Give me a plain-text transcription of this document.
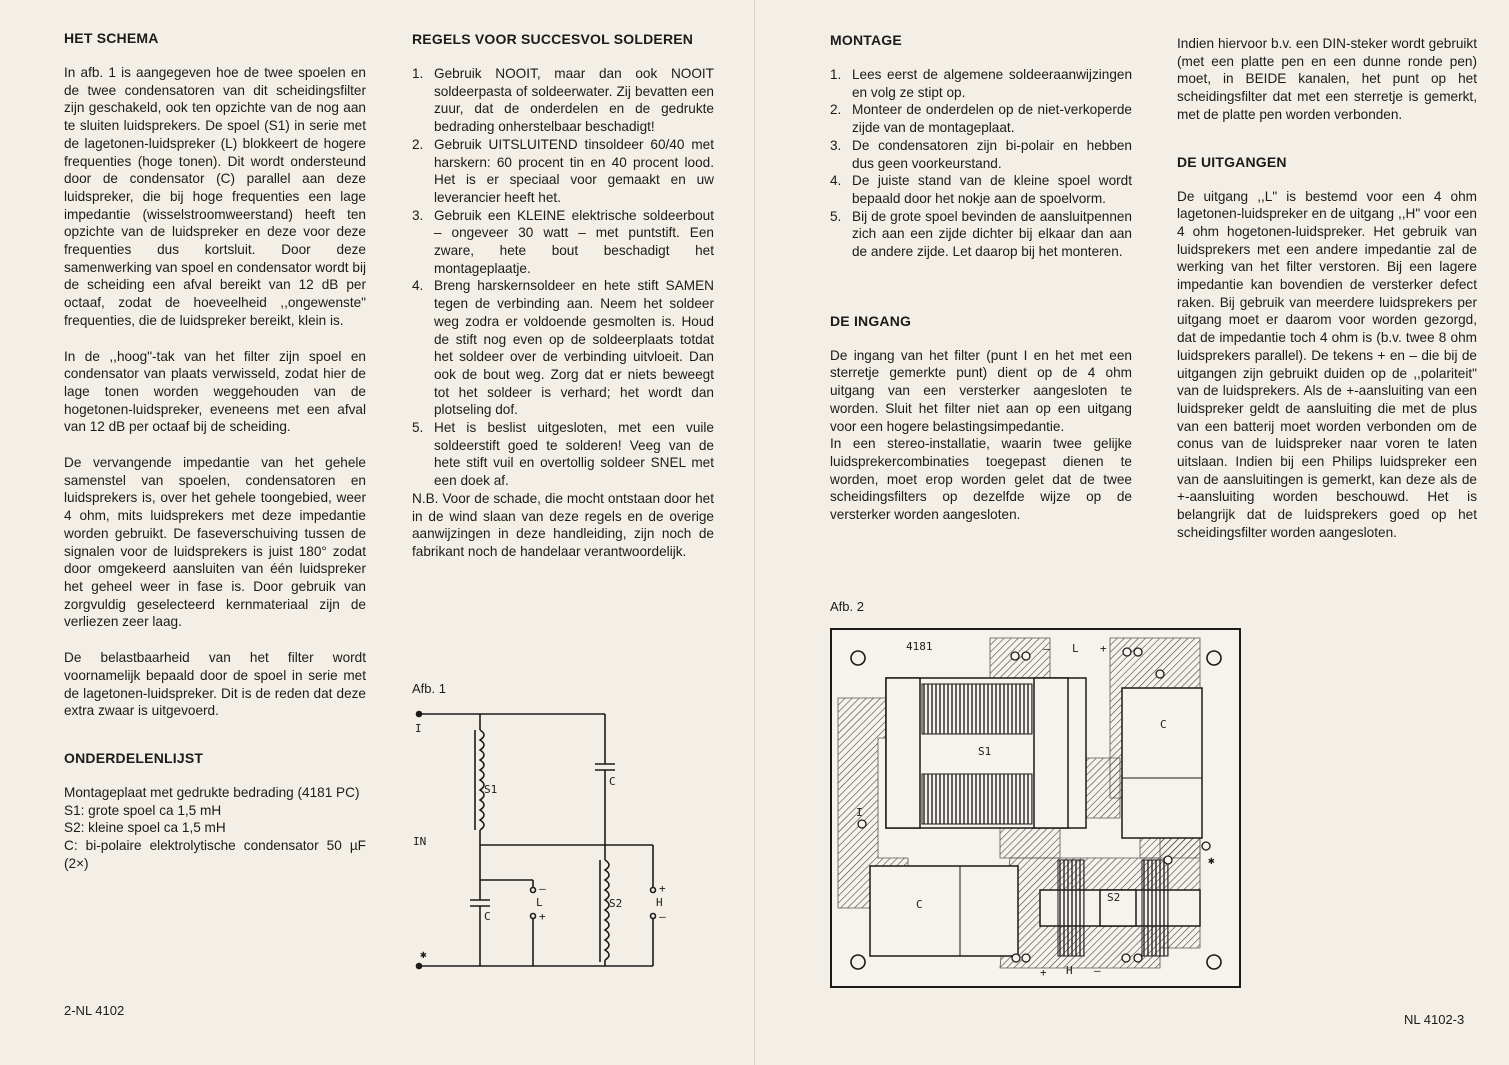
HET SCHEMA

In afb. 1 is aangegeven hoe de twee spoelen en de twee condensatoren van dit scheidingsfilter zijn geschakeld, ook ten opzichte van de nog aan te sluiten luidsprekers. De spoel (S1) in serie met de lagetonen-luidspreker (L) blokkeert de hogere frequenties (hoge tonen). Dit wordt ondersteund door de condensator (C) parallel aan deze luidspreker, die bij hoge frequenties een lage impedantie (wisselstroomweerstand) heeft ten opzichte van de luidspreker en deze voor deze frequenties dus kortsluit. Door deze samenwerking van spoel en condensator wordt bij de scheiding een afval bereikt van 12 dB per octaaf, zodat de hoeveelheid ,,ongewenste" frequenties, die de luidspreker bereikt, klein is.

In de ,,hoog"-tak van het filter zijn spoel en condensator van plaats verwisseld, zodat hier de lage tonen worden weggehouden van de hogetonen-luidspreker, eveneens met een afval van 12 dB per octaaf bij de scheiding.

De vervangende impedantie van het gehele samenstel van spoelen, condensatoren en luidsprekers is, over het gehele toongebied, weer 4 ohm, mits luidsprekers met deze impedantie worden gebruikt. De faseverschuiving tussen de signalen voor de luidsprekers is juist 180° zodat door omgekeerd aansluiten van één luidspreker het geheel weer in fase is. Door gebruik van zorgvuldig geselecteerd kernmateriaal zijn de verliezen zeer laag.

De belastbaarheid van het filter wordt voornamelijk bepaald door de spoel in serie met de lagetonen-luidspreker. Dit is de reden dat deze extra zwaar is uitgevoerd.

ONDERDELENLIJST
Montageplaat met gedrukte bedrading (4181 PC)
S1: grote spoel ca 1,5 mH
S2: kleine spoel ca 1,5 mH
C: bi-polaire elektrolytische condensator 50 µF (2×)
2-NL 4102
REGELS VOOR SUCCESVOL SOLDEREN
1. Gebruik NOOIT, maar dan ook NOOIT soldeerpasta of soldeerwater. Zij bevatten een zuur, dat de onderdelen en de gedrukte bedrading onherstelbaar beschadigt!
2. Gebruik UITSLUITEND tinsoldeer 60/40 met harskern: 60 procent tin en 40 procent lood. Het is er speciaal voor gemaakt en uw leverancier heeft het.
3. Gebruik een KLEINE elektrische soldeerbout – ongeveer 30 watt – met puntstift. Een zware, hete bout beschadigt het montageplaatje.
4. Breng harskernsoldeer en hete stift SAMEN tegen de verbinding aan. Neem het soldeer weg zodra er voldoende gesmolten is. Houd de stift nog even op de soldeerplaats totdat het soldeer over de verbinding uitvloeit. Dan ook de bout weg. Zorg dat er niets beweegt tot het soldeer is verhard; het wordt dan plotseling dof.
5. Het is beslist uitgesloten, met een vuile soldeerstift goed te solderen! Veeg van de hete stift vuil en overtollig soldeer SNEL met een doek af.

N.B. Voor de schade, die mocht ontstaan door het in de wind slaan van deze regels en de overige aanwijzingen in deze handleiding, zijn noch de fabrikant noch de handelaar verantwoordelijk.

Afb. 1
I
IN
S1
C
C
S2
–
L
+
+
H
–
✱
MONTAGE
1. Lees eerst de algemene soldeeraanwijzingen en volg ze stipt op.
2. Monteer de onderdelen op de niet-verkoperde zijde van de montageplaat.
3. De condensatoren zijn bi-polair en hebben dus geen voorkeurstand.
4. De juiste stand van de kleine spoel wordt bepaald door het nokje aan de spoelvorm.
5. Bij de grote spoel bevinden de aansluitpennen zich aan een zijde dichter bij elkaar dan aan de andere zijde. Let daarop bij het monteren.
DE INGANG

De ingang van het filter (punt I en het met een sterretje gemerkte punt) dient op de 4 ohm uitgang van een versterker aangesloten te worden. Sluit het filter niet aan op een uitgang voor een hogere belastingsimpedantie.

In een stereo-installatie, waarin twee gelijke luidsprekercombinaties toegepast dienen te worden, moet erop worden gelet dat de twee scheidingsfilters op dezelfde wijze op de versterker worden aangesloten.

Afb. 2
4181	– L +
S1
C
I
C
S2
+ H –
✱

Indien hiervoor b.v. een DIN-steker wordt gebruikt (met een platte pen en een dunne ronde pen) moet, in BEIDE kanalen, het punt op het scheidingsfilter dat met een sterretje is gemerkt, met de platte pen worden verbonden.

DE UITGANGEN

De uitgang ,,L" is bestemd voor een 4 ohm lagetonen-luidspreker en de uitgang ,,H" voor een 4 ohm hogetonen-luidspreker. Het gebruik van luidsprekers met een andere impedantie zal de werking van het filter verstoren. Bij een lagere impedantie kan bovendien de versterker defect raken. Bij gebruik van meerdere luidsprekers per uitgang moet er daarom voor worden gezorgd, dat de impedantie toch 4 ohm is (b.v. twee 8 ohm luidsprekers parallel). De tekens + en – die bij de uitgangen zijn gebruikt duiden op de ,,polariteit" van de luidsprekers. Als de +-aansluiting van een luidspreker geldt de aansluiting die met de plus van een batterij moet worden verbonden om de conus van de luidspreker naar voren te laten uitslaan. Indien bij een Philips luidspreker een van de aansluitingen is gemerkt, kan deze als de +-aansluiting worden beschouwd. Het is belangrijk dat de luidsprekers goed op het scheidingsfilter worden aangesloten.

NL 4102-3
